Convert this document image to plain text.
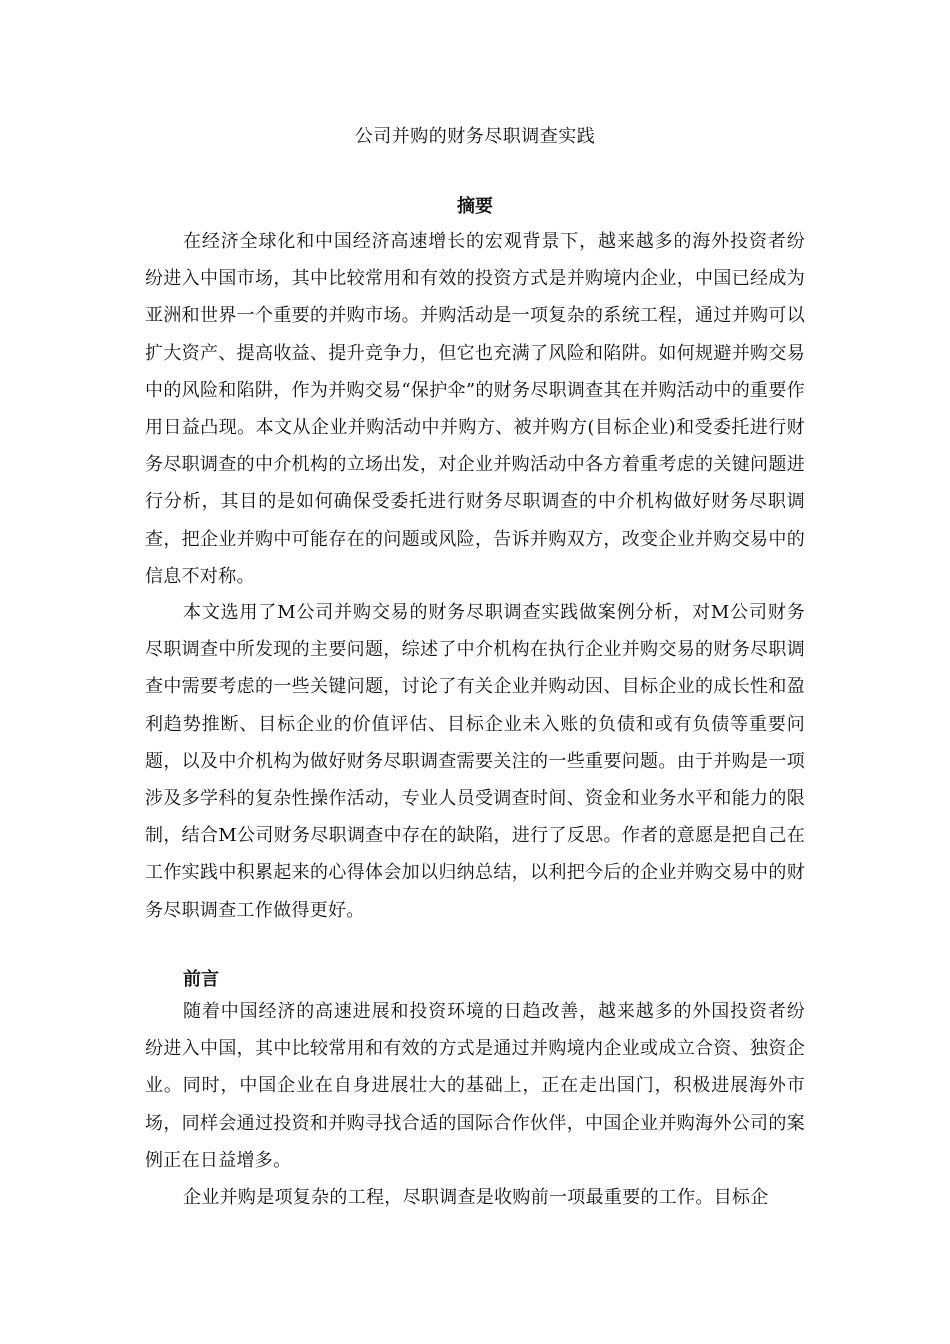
公司并购的财务尽职调查实践
摘要

在经济全球化和中国经济高速增长的宏观背景下，越来越多的海外投资者纷纷进入中国市场，其中比较常用和有效的投资方式是并购境内企业，中国已经成为亚洲和世界一个重要的并购市场。并购活动是一项复杂的系统工程，通过并购可以扩大资产、提高收益、提升竞争力，但它也充满了风险和陷阱。如何规避并购交易中的风险和陷阱，作为并购交易“保护伞”的财务尽职调查其在并购活动中的重要作用日益凸现。本文从企业并购活动中并购方、被并购方(目标企业)和受委托进行财务尽职调查的中介机构的立场出发，对企业并购活动中各方着重考虑的关键问题进行分析，其目的是如何确保受委托进行财务尽职调查的中介机构做好财务尽职调查，把企业并购中可能存在的问题或风险，告诉并购双方，改变企业并购交易中的信息不对称。

本文选用了M公司并购交易的财务尽职调查实践做案例分析，对M公司财务尽职调查中所发现的主要问题，综述了中介机构在执行企业并购交易的财务尽职调查中需要考虑的一些关键问题，讨论了有关企业并购动因、目标企业的成长性和盈利趋势推断、目标企业的价值评估、目标企业未入账的负债和或有负债等重要问题，以及中介机构为做好财务尽职调查需要关注的一些重要问题。由于并购是一项涉及多学科的复杂性操作活动，专业人员受调查时间、资金和业务水平和能力的限制，结合M公司财务尽职调查中存在的缺陷，进行了反思。作者的意愿是把自己在工作实践中积累起来的心得体会加以归纳总结，以利把今后的企业并购交易中的财务尽职调查工作做得更好。

前言

随着中国经济的高速进展和投资环境的日趋改善，越来越多的外国投资者纷纷进入中国，其中比较常用和有效的方式是通过并购境内企业或成立合资、独资企业。同时，中国企业在自身进展壮大的基础上，正在走出国门，积极进展海外市场，同样会通过投资和并购寻找合适的国际合作伙伴，中国企业并购海外公司的案例正在日益增多。

企业并购是项复杂的工程，尽职调查是收购前一项最重要的工作。目标企
